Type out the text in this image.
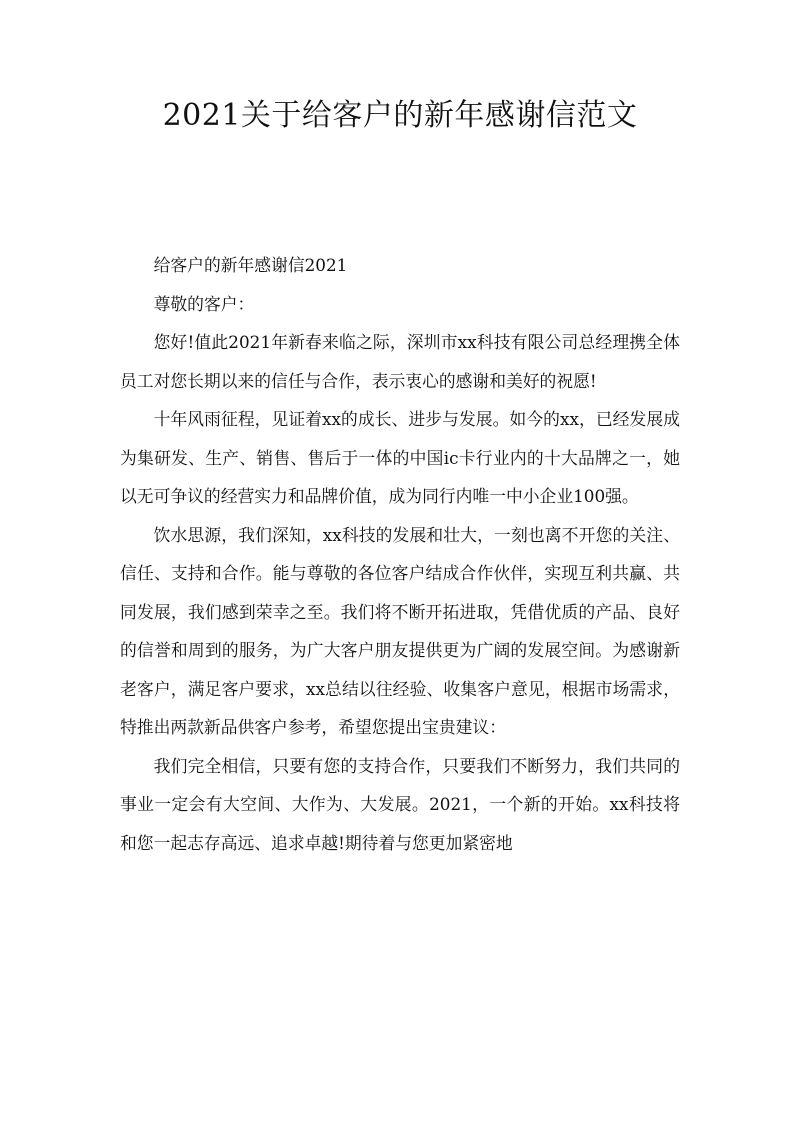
2021关于给客户的新年感谢信范文

给客户的新年感谢信2021

尊敬的客户：

您好!值此2021年新春来临之际，深圳市xx科技有限公司总经理携全体员工对您长期以来的信任与合作，表示衷心的感谢和美好的祝愿!

十年风雨征程，见证着xx的成长、进步与发展。如今的xx，已经发展成为集研发、生产、销售、售后于一体的中国ic卡行业内的十大品牌之一，她以无可争议的经营实力和品牌价值，成为同行内唯一中小企业100强。

饮水思源，我们深知，xx科技的发展和壮大，一刻也离不开您的关注、信任、支持和合作。能与尊敬的各位客户结成合作伙伴，实现互利共赢、共同发展，我们感到荣幸之至。我们将不断开拓进取，凭借优质的产品、良好的信誉和周到的服务，为广大客户朋友提供更为广阔的发展空间。为感谢新老客户，满足客户要求，xx总结以往经验、收集客户意见，根据市场需求，特推出两款新品供客户参考，希望您提出宝贵建议：

我们完全相信，只要有您的支持合作，只要我们不断努力，我们共同的事业一定会有大空间、大作为、大发展。2021，一个新的开始。xx科技将和您一起志存高远、追求卓越!期待着与您更加紧密地
